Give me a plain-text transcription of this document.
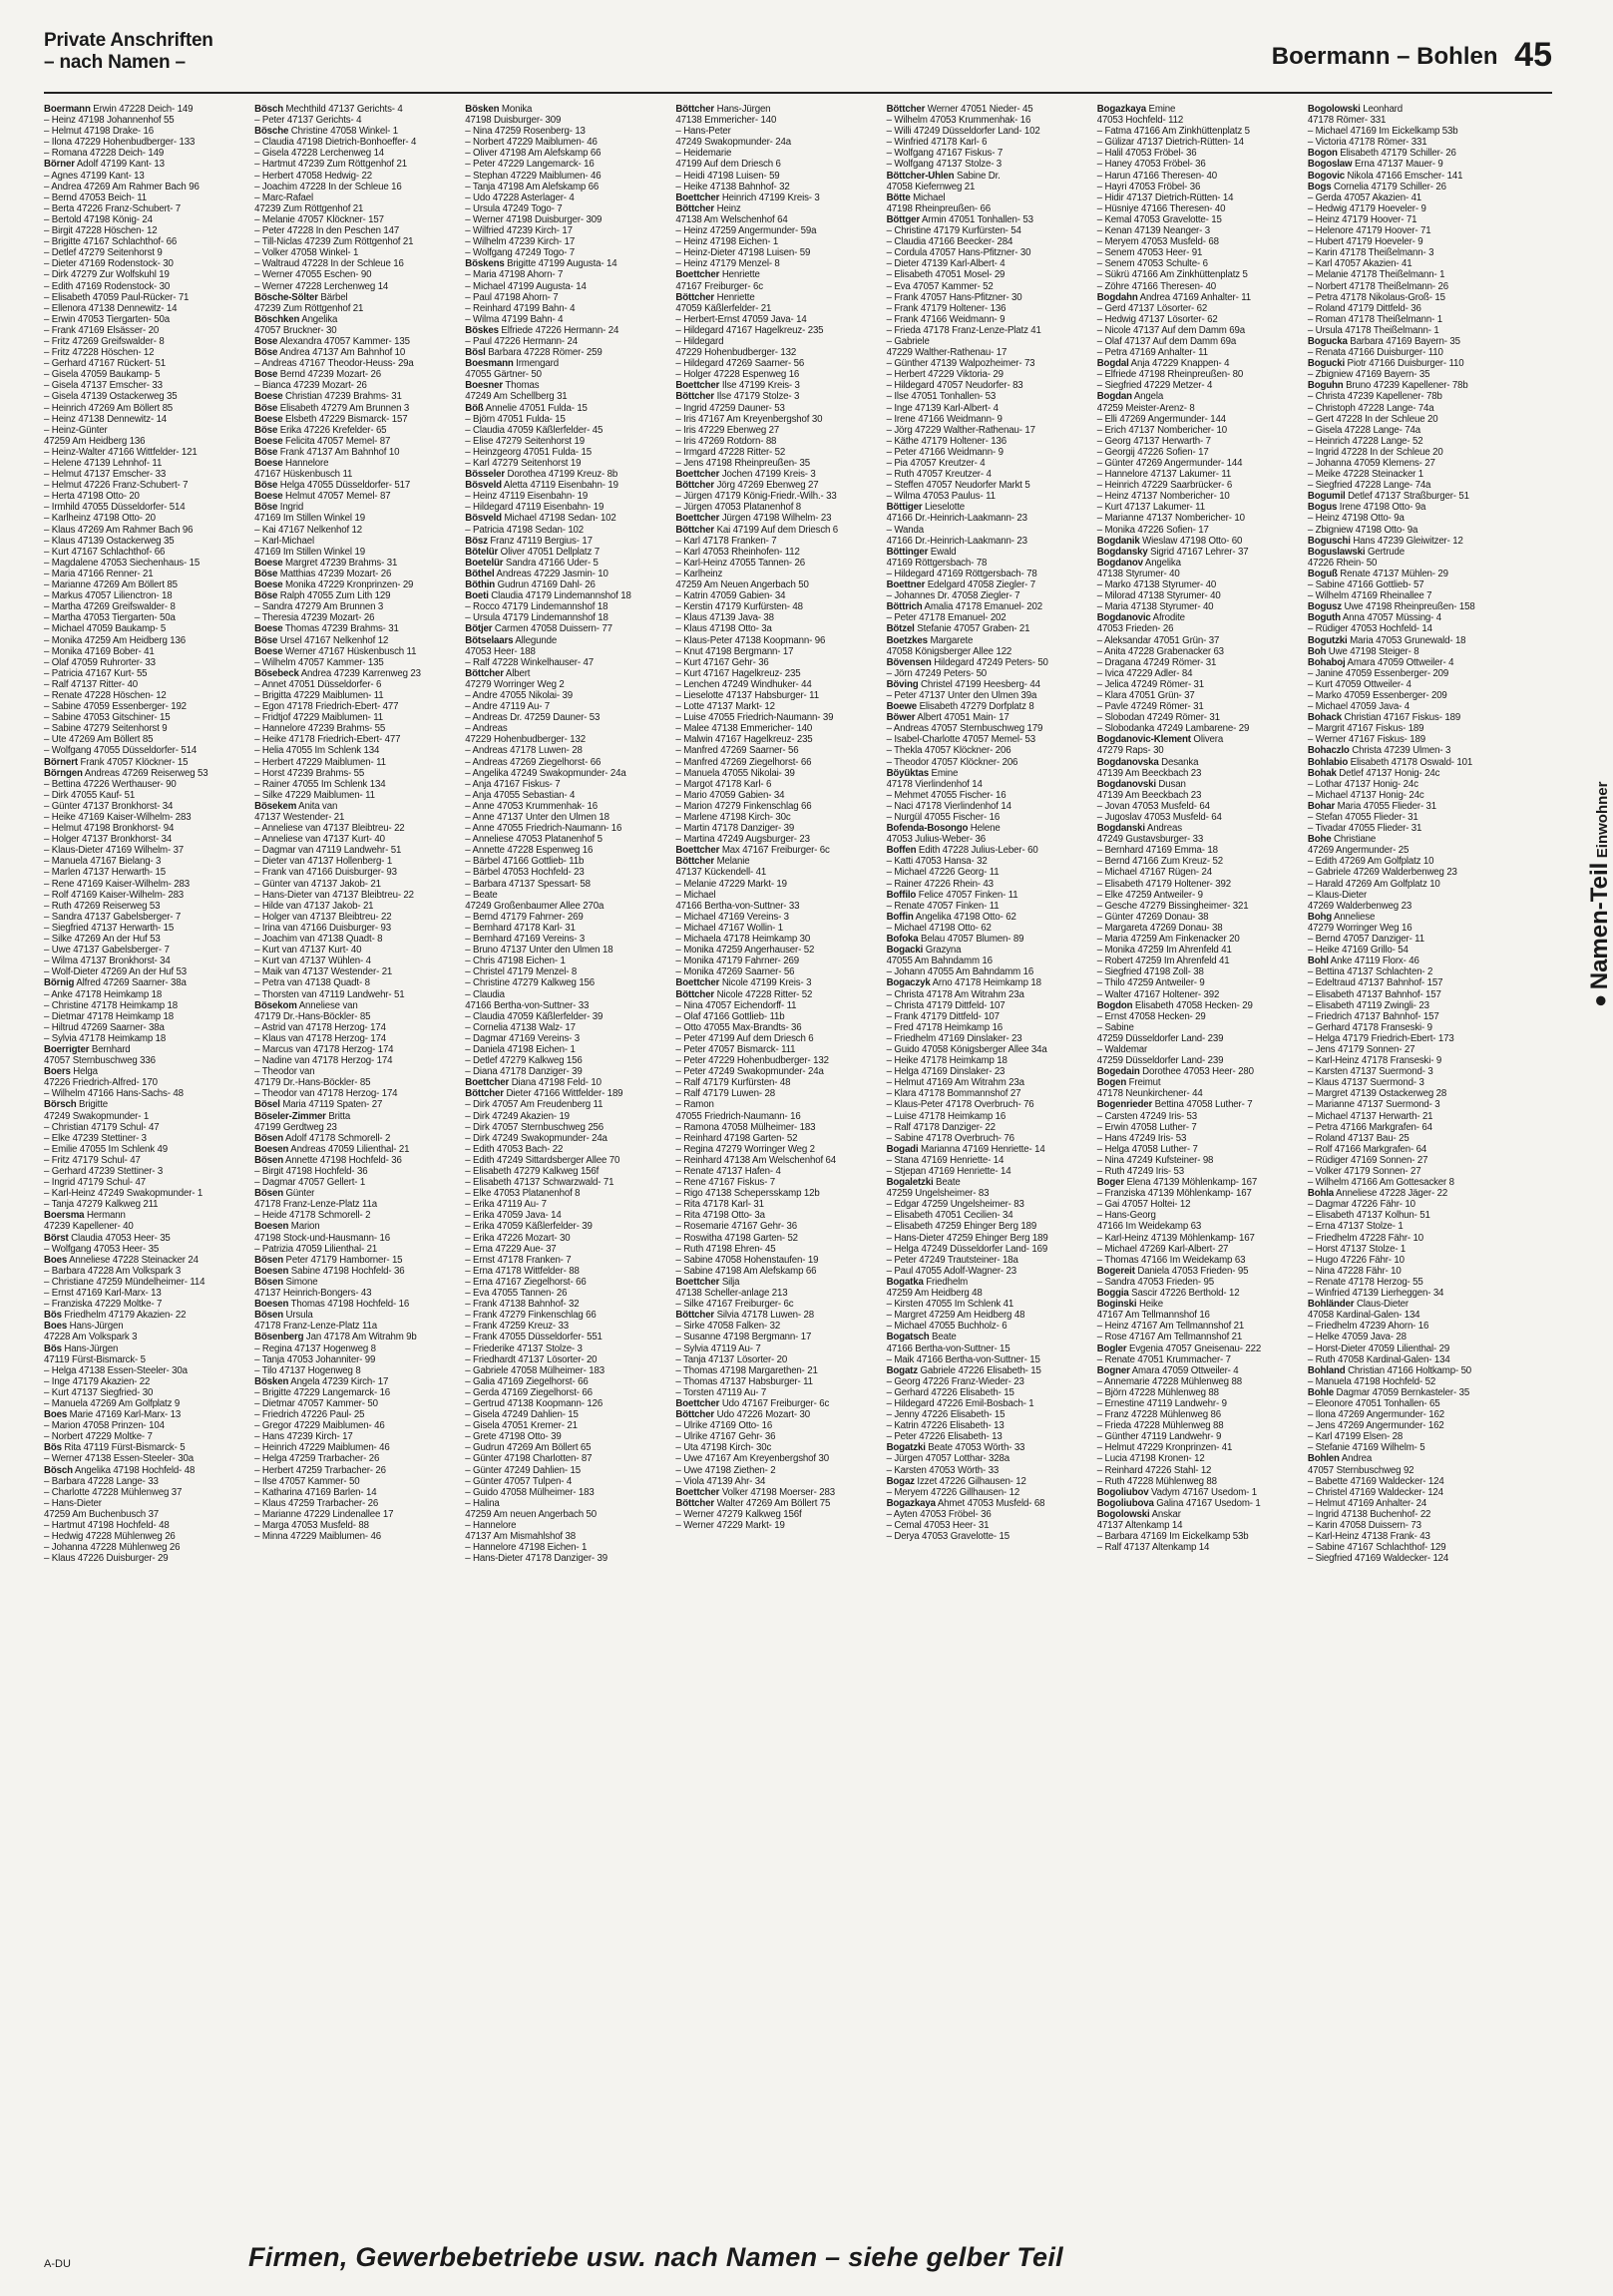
Private Anschriften
– nach Namen –	Boermann – Bohlen 45
Boermann Erwin 47228 Deich- 149
– Heinz 47198 Johannenhof 55
– Helmut 47198 Drake- 16
– Ilona 47229 Hohenbudberger- 133
– Romana 47228 Deich- 149
Börner Adolf 47199 Kant- 13
– Agnes 47199 Kant- 13
– Andrea 47269 Am Rahmer Bach 96
– Bernd 47053 Beich- 11
– Berta 47226 Franz-Schubert- 7
– Bertold 47198 König- 24
– Birgit 47228 Höschen- 12
– Brigitte 47167 Schlachthof- 66
– Detlef 47279 Seitenhorst 9
– Dieter 47169 Rodenstock- 30
– Dirk 47279 Zur Wolfskuhl 19
– Edith 47169 Rodenstock- 30
– Elisabeth 47059 Paul-Rücker- 71
– Ellenora 47138 Dennewitz- 14
– Erwin 47053 Tiergarten- 50a
– Frank 47169 Elsässer- 20
– Fritz 47269 Greifswalder- 8
– Fritz 47228 Höschen- 12
– Gerhard 47167 Rückert- 51
– Gisela 47059 Baukamp- 5
– Gisela 47137 Emscher- 33
– Gisela 47139 Ostackerweg 35
– Heinrich 47269 Am Böllert 85
– Heinz 47138 Dennewitz- 14
– Heinz-Günter
47259 Am Heidberg 136
– Heinz-Walter 47166 Wittfelder- 121
– Helene 47139 Lehnhof- 11
– Helmut 47137 Emscher- 33
– Helmut 47226 Franz-Schubert- 7
– Herta 47198 Otto- 20
– Irmhild 47055 Düsseldorfer- 514
– Karlheinz 47198 Otto- 20
– Klaus 47269 Am Rahmer Bach 96
– Klaus 47139 Ostackerweg 35
– Kurt 47167 Schlachthof- 66
– Magdalene 47053 Siechenhaus- 15
– Maria 47166 Renner- 21
– Marianne 47269 Am Böllert 85
– Markus 47057 Lilienctron- 18
– Martha 47269 Greifswalder- 8
– Martha 47053 Tiergarten- 50a
– Michael 47059 Baukamp- 5
– Monika 47259 Am Heidberg 136
– Monika 47169 Bober- 41
– Olaf 47059 Ruhrorter- 33
– Patricia 47167 Kurt- 55
– Ralf 47137 Ritter- 40
– Renate 47228 Höschen- 12
– Sabine 47059 Essenberger- 192
– Sabine 47053 Gitschiner- 15
– Sabine 47279 Seitenhorst 9
– Ute 47269 Am Böllert 85
– Wolfgang 47055 Düsseldorfer- 514
Börnert Frank 47057 Klöckner- 15
Börngen Andreas 47269 Reiserweg 53
– Bettina 47226 Werthauser- 90
– Dirk 47055 Kauf- 51
– Günter 47137 Bronkhorst- 34
– Heike 47169 Kaiser-Wilhelm- 283
– Helmut 47198 Bronkhorst- 94
– Holger 47137 Bronkhorst- 34
– Klaus-Dieter 47169 Wilhelm- 37
– Manuela 47167 Bielang- 3
– Marlen 47137 Herwarth- 15
– Rene 47169 Kaiser-Wilhelm- 283
– Rolf 47169 Kaiser-Wilhelm- 283
– Ruth 47269 Reiserweg 53
– Sandra 47137 Gabelsberger- 7
– Siegfried 47137 Herwarth- 15
– Silke 47269 An der Huf 53
– Uwe 47137 Gabelsberger- 7
– Wilma 47137 Bronkhorst- 34
– Wolf-Dieter 47269 An der Huf 53
Börnig Alfred 47269 Saarner- 38a
– Anke 47178 Heimkamp 18
– Christine 47178 Heimkamp 18
– Dietmar 47178 Heimkamp 18
– Hiltrud 47269 Saarner- 38a
– Sylvia 47178 Heimkamp 18
Boerrigter Bernhard
47057 Sternbuschweg 336
Boers Helga
47226 Friedrich-Alfred- 170
– Wilhelm 47166 Hans-Sachs- 48
Börsch Brigitte
47249 Swakopmunder- 1
– Christian 47179 Schul- 47
– Elke 47239 Stettiner- 3
– Emilie 47055 Im Schlenk 49
– Fritz 47179 Schul- 47
– Gerhard 47239 Stettiner- 3
– Ingrid 47179 Schul- 47
– Karl-Heinz 47249 Swakopmunder- 1
– Tanja 47279 Kalkweg 211
Boersma Hermann
47239 Kapellener- 40
Börst Claudia 47053 Heer- 35
– Wolfgang 47053 Heer- 35
Boes Anneliese 47228 Steinacker 24
– Barbara 47228 Am Volkspark 3
– Christiane 47259 Mündelheimer- 114
– Ernst 47169 Karl-Marx- 13
– Franziska 47229 Moltke- 7
Bös Friedhelm 47179 Akazien- 22
Boes Hans-Jürgen
47228 Am Volkspark 3
Bös Hans-Jürgen
47119 Fürst-Bismarck- 5
– Helga 47138 Essen-Steeler- 30a
– Inge 47179 Akazien- 22
– Kurt 47137 Siegfried- 30
– Manuela 47269 Am Golfplatz 9
Boes Marie 47169 Karl-Marx- 13
– Marion 47058 Prinzen- 104
– Norbert 47229 Moltke- 7
Bös Rita 47119 Fürst-Bismarck- 5
– Werner 47138 Essen-Steeler- 30a
Bösch Angelika 47198 Hochfeld- 48
– Barbara 47228 Lange- 33
– Charlotte 47228 Mühlenweg 37
– Hans-Dieter
47259 Am Buchenbusch 37
– Hartmut 47198 Hochfeld- 48
– Hedwig 47228 Mühlenweg 26
– Johanna 47228 Mühlenweg 26
– Klaus 47226 Duisburger- 29
Bösch Mechthild 47137 Gerichts- 4
– Peter 47137 Gerichts- 4
Bösche Christine 47058 Winkel- 1
– Claudia 47198 Dietrich-Bonhoeffer- 4
– Gisela 47228 Lerchenweg 14
– Hartmut 47239 Zum Röttgenhof 21
– Herbert 47058 Hedwig- 22
– Joachim 47228 In der Schleue 16
– Marc-Rafael
47239 Zum Röttgenhof 21
– Melanie 47057 Klöckner- 157
– Peter 47228 In den Peschen 147
– Till-Niclas 47239 Zum Röttgenhof 21
– Volker 47058 Winkel- 1
– Waltraud 47228 In der Schleue 16
– Werner 47055 Eschen- 90
– Werner 47228 Lerchenweg 14
Bösche-Sölter Bärbel
47239 Zum Röttgenhof 21
Böschken Angelika
47057 Bruckner- 30
Bose Alexandra 47057 Kammer- 135
Böse Andrea 47137 Am Bahnhof 10
– Andreas 47167 Theodor-Heuss- 29a
Bose Bernd 47239 Mozart- 26
– Bianca 47239 Mozart- 26
Boese Christian 47239 Brahms- 31
Böse Elisabeth 47279 Am Brunnen 3
Boese Elsbeth 47229 Bismarck- 157
Böse Erika 47226 Krefelder- 65
Boese Felicita 47057 Memel- 87
Böse Frank 47137 Am Bahnhof 10
Boese Hannelore
47167 Hüskenbusch 11
Böse Helga 47055 Düsseldorfer- 517
Boese Helmut 47057 Memel- 87
Böse Ingrid
47169 Im Stillen Winkel 19
– Kai 47167 Nelkenhof 12
– Karl-Michael
47169 Im Stillen Winkel 19
Boese Margret 47239 Brahms- 31
Böse Matthias 47239 Mozart- 26
Boese Monika 47229 Kronprinzen- 29
Böse Ralph 47055 Zum Lith 129
– Sandra 47279 Am Brunnen 3
– Theresia 47239 Mozart- 26
Boese Thomas 47239 Brahms- 31
Böse Ursel 47167 Nelkenhof 12
Boese Werner 47167 Hüskenbusch 11
– Wilhelm 47057 Kammer- 135
Bösebeck Andrea 47239 Karrenweg 23
– Annet 47051 Düsseldorfer- 6
– Brigitta 47229 Maiblumen- 11
– Egon 47178 Friedrich-Ebert- 477
– Fridtjof 47229 Maiblumen- 11
– Hannelore 47239 Brahms- 55
– Heike 47178 Friedrich-Ebert- 477
– Helia 47055 Im Schlenk 134
– Herbert 47229 Maiblumen- 11
– Horst 47239 Brahms- 55
– Rainer 47055 Im Schlenk 134
– Silke 47229 Maiblumen- 11
Bösekem Anita van
47137 Westender- 21
– Anneliese van 47137 Bleibtreu- 22
– Anneliese van 47137 Kurt- 40
– Dagmar van 47119 Landwehr- 51
– Dieter van 47137 Hollenberg- 1
– Frank van 47166 Duisburger- 93
– Günter van 47137 Jakob- 21
– Hans-Dieter van 47137 Bleibtreu- 22
– Hilde van 47137 Jakob- 21
– Holger van 47137 Bleibtreu- 22
– Irina van 47166 Duisburger- 93
– Joachim van 47138 Quadt- 8
– Kurt van 47137 Kurt- 40
– Kurt van 47137 Wühlen- 4
– Maik van 47137 Westender- 21
– Petra van 47138 Quadt- 8
– Thorsten van 47119 Landwehr- 51
Bösekom Anneliese van
47179 Dr.-Hans-Böckler- 85
– Astrid van 47178 Herzog- 174
– Klaus van 47178 Herzog- 174
– Marcus van 47178 Herzog- 174
– Nadine van 47178 Herzog- 174
– Theodor van
47179 Dr.-Hans-Böckler- 85
– Theodor van 47178 Herzog- 174
Bösel Maria 47119 Spaten- 27
Böseler-Zimmer Britta
47199 Gerdtweg 23
Bösen Adolf 47178 Schmorell- 2
Boesen Andreas 47059 Lilienthal- 21
Bösen Annette 47198 Hochfeld- 36
– Birgit 47198 Hochfeld- 36
– Dagmar 47057 Gellert- 1
Bösen Günter
47178 Franz-Lenze-Platz 11a
– Heide 47178 Schmorell- 2
Boesen Marion
47198 Stock-und-Hausmann- 16
– Patrizia 47059 Lilienthal- 21
Bösen Peter 47179 Hamborner- 15
Boesen Sabine 47198 Hochfeld- 36
Bösen Simone
47137 Heinrich-Bongers- 43
Boesen Thomas 47198 Hochfeld- 16
Bösen Ursula
47178 Franz-Lenze-Platz 11a
Bösenberg Jan 47178 Am Witrahm 9b
– Regina 47137 Hogenweg 8
– Tanja 47053 Johanniter- 99
– Tilo 47137 Hogenweg 8
Bösken Angela 47239 Kirch- 17
– Brigitte 47229 Langemarck- 16
– Dietmar 47057 Kammer- 50
– Friedrich 47226 Paul- 25
– Gregor 47229 Maiblumen- 46
– Hans 47239 Kirch- 17
– Heinrich 47229 Maiblumen- 46
– Helga 47259 Trarbacher- 26
– Herbert 47259 Trarbacher- 26
– Ilse 47057 Kammer- 50
– Katharina 47169 Barlen- 14
– Klaus 47259 Trarbacher- 26
– Marianne 47229 Lindenallee 17
– Marga 47053 Musfeld- 88
– Minna 47229 Maiblumen- 46
Bösken Monika
47198 Duisburger- 309
– Nina 47259 Rosenberg- 13
– Norbert 47229 Maiblumen- 46
– Oliver 47198 Am Alefskamp 66
– Peter 47229 Langemarck- 16
– Stephan 47229 Maiblumen- 46
– Tanja 47198 Am Alefskamp 66
– Udo 47228 Asterlager- 4
– Ursula 47249 Togo- 7
– Werner 47198 Duisburger- 309
– Wilfried 47239 Kirch- 17
– Wilhelm 47239 Kirch- 17
– Wolfgang 47249 Togo- 7
Böskens Brigitte 47199 Augusta- 14
– Maria 47198 Ahorn- 7
– Michael 47199 Augusta- 14
– Paul 47198 Ahorn- 7
– Reinhard 47199 Bahn- 4
– Wilma 47199 Bahn- 4
Böskes Elfriede 47226 Hermann- 24
– Paul 47226 Hermann- 24
Bösl Barbara 47228 Römer- 259
Boesmann Irmengard
47055 Gärtner- 50
Boesner Thomas
47249 Am Schellberg 31
Böß Annelie 47051 Fulda- 15
– Björn 47051 Fulda- 15
– Claudia 47059 Käßlerfelder- 45
– Elise 47279 Seitenhorst 19
– Heinzgeorg 47051 Fulda- 15
– Karl 47279 Seitenhorst 19
Bösseler Dorothea 47199 Kreuz- 8b
Bösveld Aletta 47119 Eisenbahn- 19
– Heinz 47119 Eisenbahn- 19
– Hildegard 47119 Eisenbahn- 19
Bösveld Michael 47198 Sedan- 102
– Patricia 47198 Sedan- 102
Bösz Franz 47119 Bergius- 17
Bötelür Oliver 47051 Dellplatz 7
Boetelür Sandra 47166 Uder- 5
Böthel Andreas 47229 Jasmin- 10
Böthin Gudrun 47169 Dahl- 26
Boeti Claudia 47179 Lindemannshof 18
– Rocco 47179 Lindemannshof 18
– Ursula 47179 Lindemannshof 18
Bötjer Carmen 47058 Duissern- 77
Bötselaars Allegunde
47053 Heer- 188
– Ralf 47228 Winkelhauser- 47
Böttcher Albert
47279 Worringer Weg 2
– Andre 47055 Nikolai- 39
– Andre 47119 Au- 7
– Andreas Dr. 47259 Dauner- 53
– Andreas
47229 Hohenbudberger- 132
– Andreas 47178 Luwen- 28
– Andreas 47269 Ziegelhorst- 66
– Angelika 47249 Swakopmunder- 24a
– Anja 47167 Fiskus- 7
– Anja 47055 Sebastian- 4
– Anne 47053 Krummenhak- 16
– Anne 47137 Unter den Ulmen 18
– Anne 47055 Friedrich-Naumann- 16
– Anneliese 47053 Platanenhof 5
– Annette 47228 Espenweg 16
– Bärbel 47166 Gottlieb- 11b
– Bärbel 47053 Hochfeld- 23
– Barbara 47137 Spessart- 58
– Beate
47249 Großenbaumer Allee 270a
– Bernd 47179 Fahrner- 269
– Bernhard 47178 Karl- 31
– Bernhard 47169 Vereins- 3
– Bruno 47137 Unter den Ulmen 18
– Chris 47198 Eichen- 1
– Christel 47179 Menzel- 8
– Christine 47279 Kalkweg 156
– Claudia
47166 Bertha-von-Suttner- 33
– Claudia 47059 Käßlerfelder- 39
– Cornelia 47138 Walz- 17
– Dagmar 47169 Vereins- 3
– Daniela 47198 Eichen- 1
– Detlef 47279 Kalkweg 156
– Diana 47178 Danziger- 39
Boettcher Diana 47198 Feld- 10
Böttcher Dieter 47166 Wittfelder- 189
– Dirk 47057 Am Freudenberg 11
– Dirk 47249 Akazien- 19
– Dirk 47057 Sternbuschweg 256
– Dirk 47249 Swakopmunder- 24a
– Edith 47053 Bach- 22
– Edith 47249 Sittardsberger Allee 70
– Elisabeth 47279 Kalkweg 156f
– Elisabeth 47137 Schwarzwald- 71
– Elke 47053 Platanenhof 8
– Erika 47119 Au- 7
– Erika 47059 Java- 14
– Erika 47059 Käßlerfelder- 39
– Erika 47226 Mozart- 30
– Erna 47229 Aue- 37
– Ernst 47178 Franken- 7
– Erna 47178 Wittfelder- 88
– Erna 47167 Ziegelhorst- 66
– Eva 47055 Tannen- 26
– Frank 47138 Bahnhof- 32
– Frank 47279 Finkenschlag 66
– Frank 47259 Kreuz- 33
– Frank 47055 Düsseldorfer- 551
– Friederike 47137 Stolze- 3
– Friedhardt 47137 Lösorter- 20
– Gabriele 47058 Mülheimer- 183
– Galia 47169 Ziegelhorst- 66
– Gerda 47169 Ziegelhorst- 66
– Gertrud 47138 Koopmann- 126
– Gisela 47249 Dahlien- 15
– Gisela 47051 Kremer- 21
– Grete 47198 Otto- 39
– Gudrun 47269 Am Böllert 65
– Günter 47198 Charlotten- 87
– Günter 47249 Dahlien- 15
– Günter 47057 Tulpen- 4
– Guido 47058 Mülheimer- 183
– Halina
47259 Am neuen Angerbach 50
– Hannelore
47137 Am Mismahlshof 38
– Hannelore 47198 Eichen- 1
– Hans-Dieter 47178 Danziger- 39
Böttcher Hans-Jürgen
47138 Emmericher- 140
– Hans-Peter
47249 Swakopmunder- 24a
– Heidemarie
47199 Auf dem Driesch 6
– Heidi 47198 Luisen- 59
– Heike 47138 Bahnhof- 32
Boettcher Heinrich 47199 Kreis- 3
Böttcher Heinz
47138 Am Welschenhof 64
– Heinz 47259 Angermunder- 59a
– Heinz 47198 Eichen- 1
– Heinz-Dieter 47198 Luisen- 59
– Heinz 47179 Menzel- 8
Boettcher Henriette
47167 Freiburger- 6c
Böttcher Henriette
47059 Käßlerfelder- 21
– Herbert-Ernst 47059 Java- 14
– Hildegard 47167 Hagelkreuz- 235
– Hildegard
47229 Hohenbudberger- 132
– Hildegard 47269 Saarner- 56
– Holger 47228 Espenweg 16
Boettcher Ilse 47199 Kreis- 3
Böttcher Ilse 47179 Stolze- 3
– Ingrid 47259 Dauner- 53
– Iris 47167 Am Kreyenbergshof 30
– Iris 47229 Ebenweg 27
– Iris 47269 Rotdorn- 88
– Irmgard 47228 Ritter- 52
– Jens 47198 Rheinpreußen- 35
Boettcher Jochen 47199 Kreis- 3
Böttcher Jörg 47269 Ebenweg 27
– Jürgen 47179 König-Friedr.-Wilh.- 33
– Jürgen 47053 Platanenhof 8
Boettcher Jürgen 47198 Wilhelm- 23
Böttcher Kai 47199 Auf dem Driesch 6
– Karl 47178 Franken- 7
– Karl 47053 Rheinhofen- 112
– Karl-Heinz 47055 Tannen- 26
– Karlheinz
47259 Am Neuen Angerbach 50
– Katrin 47059 Gabien- 34
– Kerstin 47179 Kurfürsten- 48
– Klaus 47139 Java- 38
– Klaus 47198 Otto- 3a
– Klaus-Peter 47138 Koopmann- 96
– Knut 47198 Bergmann- 17
– Kurt 47167 Gehr- 36
– Kurt 47167 Hagelkreuz- 235
– Lenchen 47249 Windhuker- 44
– Lieselotte 47137 Habsburger- 11
– Lotte 47137 Markt- 12
– Luise 47055 Friedrich-Naumann- 39
– Malee 47138 Emmericher- 140
– Malwin 47167 Hagelkreuz- 235
– Manfred 47269 Saarner- 56
– Manfred 47269 Ziegelhorst- 66
– Manuela 47055 Nikolai- 39
– Margot 47178 Karl- 6
– Mario 47059 Gabien- 34
– Marion 47279 Finkenschlag 66
– Marlene 47198 Kirch- 30c
– Martin 47178 Danziger- 39
– Martina 47249 Augsburger- 23
Boettcher Max 47167 Freiburger- 6c
Böttcher Melanie
47137 Kückendell- 41
– Melanie 47229 Markt- 19
– Michael
47166 Bertha-von-Suttner- 33
– Michael 47169 Vereins- 3
– Michael 47167 Wollin- 1
– Michaela 47178 Heimkamp 30
– Monika 47259 Angerhauser- 52
– Monika 47179 Fahrner- 269
– Monika 47269 Saarner- 56
Boettcher Nicole 47199 Kreis- 3
Böttcher Nicole 47228 Ritter- 52
– Nina 47057 Eichendorff- 11
– Olaf 47166 Gottlieb- 11b
– Otto 47055 Max-Brandts- 36
– Peter 47199 Auf dem Driesch 6
– Peter 47057 Bismarck- 111
– Peter 47229 Hohenbudberger- 132
– Peter 47249 Swakopmunder- 24a
– Ralf 47179 Kurfürsten- 48
– Ralf 47179 Luwen- 28
– Ramon
47055 Friedrich-Naumann- 16
– Ramona 47058 Mülheimer- 183
– Reinhard 47198 Garten- 52
– Regina 47279 Worringer Weg 2
– Reinhard 47138 Am Welschenhof 64
– Renate 47137 Hafen- 4
– Rene 47167 Fiskus- 7
– Rigo 47138 Schepersskamp 12b
– Rita 47178 Karl- 31
– Rita 47198 Otto- 3a
– Rosemarie 47167 Gehr- 36
– Roswitha 47198 Garten- 52
– Ruth 47198 Ehren- 45
– Sabine 47058 Hohenstaufen- 19
– Sabine 47198 Am Alefskamp 66
Boettcher Silja
47138 Scheller-anlage 213
– Silke 47167 Freiburger- 6c
Böttcher Silvia 47178 Luwen- 28
– Sirke 47058 Falken- 32
– Susanne 47198 Bergmann- 17
– Sylvia 47119 Au- 7
– Tanja 47137 Lösorter- 20
– Thomas 47198 Margarethen- 21
– Thomas 47137 Habsburger- 11
– Torsten 47119 Au- 7
Boettcher Udo 47167 Freiburger- 6c
Böttcher Udo 47226 Mozart- 30
– Ulrike 47169 Otto- 16
– Ulrike 47167 Gehr- 36
– Uta 47198 Kirch- 30c
– Uwe 47167 Am Kreyenbergshof 30
– Uwe 47198 Ziethen- 2
– Viola 47139 Ahr- 34
Boettcher Volker 47198 Moerser- 283
Böttcher Walter 47269 Am Böllert 75
– Werner 47279 Kalkweg 156f
– Werner 47229 Markt- 19
Böttcher Werner 47051 Nieder- 45
– Wilhelm 47053 Krummenhak- 16
– Willi 47249 Düsseldorfer Land- 102
– Winfried 47178 Karl- 6
– Wolfgang 47167 Fiskus- 7
– Wolfgang 47137 Stolze- 3
Böttcher-Uhlen Sabine Dr.
47058 Kiefernweg 21
Bötte Michael
47198 Rheinpreußen- 66
Böttger Armin 47051 Tonhallen- 53
– Christine 47179 Kurfürsten- 54
– Claudia 47166 Beecker- 284
– Cordula 47057 Hans-Pfitzner- 30
– Dieter 47139 Karl-Albert- 4
– Elisabeth 47051 Mosel- 29
– Eva 47057 Kammer- 52
– Frank 47057 Hans-Pfitzner- 30
– Frank 47179 Holtener- 136
– Frank 47166 Weidmann- 9
– Frieda 47178 Franz-Lenze-Platz 41
– Gabriele
47229 Walther-Rathenau- 17
– Günther 47139 Walpozheimer- 73
– Herbert 47229 Viktoria- 29
– Hildegard 47057 Neudorfer- 83
– Ilse 47051 Tonhallen- 53
– Inge 47139 Karl-Albert- 4
– Irene 47166 Weidmann- 9
– Jörg 47229 Walther-Rathenau- 17
– Käthe 47179 Holtener- 136
– Peter 47166 Weidmann- 9
– Pia 47057 Kreutzer- 4
– Ruth 47057 Kreutzer- 4
– Steffen 47057 Neudorfer Markt 5
– Wilma 47053 Paulus- 11
Böttiger Lieselotte
47166 Dr.-Heinrich-Laakmann- 23
– Wanda
47166 Dr.-Heinrich-Laakmann- 23
Böttinger Ewald
47169 Röttgersbach- 78
– Hildegard 47169 Röttgersbach- 78
Boettner Edelgard 47058 Ziegler- 7
– Johannes Dr. 47058 Ziegler- 7
Böttrich Amalia 47178 Emanuel- 202
– Peter 47178 Emanuel- 202
Bötzel Stefanie 47057 Graben- 21
Boetzkes Margarete
47058 Königsberger Allee 122
Bövensen Hildegard 47249 Peters- 50
– Jörn 47249 Peters- 50
Böving Christel 47199 Heesberg- 44
– Peter 47137 Unter den Ulmen 39a
Boewe Elisabeth 47279 Dorfplatz 8
Böwer Albert 47051 Main- 17
– Andreas 47057 Sternbuschweg 179
– Isabel-Charlotte 47057 Memel- 53
– Thekla 47057 Klöckner- 206
– Theodor 47057 Klöckner- 206
Böyüktas Emine
47178 Vierlindenhof 14
– Mehmet 47055 Fischer- 16
– Naci 47178 Vierlindenhof 14
– Nurgül 47055 Fischer- 16
Bofenda-Bosongo Helene
47053 Julius-Weber- 36
Boffen Edith 47228 Julius-Leber- 60
– Katti 47053 Hansa- 32
– Michael 47226 Georg- 11
– Rainer 47226 Rhein- 43
Boffilo Felice 47057 Finken- 11
– Renate 47057 Finken- 11
Boffin Angelika 47198 Otto- 62
– Michael 47198 Otto- 62
Bofoka Belau 47057 Blumen- 89
Bogacki Grazyna
47055 Am Bahndamm 16
– Johann 47055 Am Bahndamm 16
Bogaczyk Arno 47178 Heimkamp 18
– Christa 47178 Am Witrahm 23a
– Christa 47179 Dittfeld- 107
– Frank 47179 Dittfeld- 107
– Fred 47178 Heimkamp 16
– Friedhelm 47169 Dinslaker- 23
– Guido 47058 Königsberger Allee 34a
– Heike 47178 Heimkamp 18
– Helga 47169 Dinslaker- 23
– Helmut 47169 Am Witrahm 23a
– Klara 47178 Bommannshof 27
– Klaus-Peter 47178 Overbruch- 76
– Luise 47178 Heimkamp 16
– Ralf 47178 Danziger- 22
– Sabine 47178 Overbruch- 76
Bogadi Marianna 47169 Henriette- 14
– Stana 47169 Henriette- 14
– Stjepan 47169 Henriette- 14
Bogaletzki Beate
47259 Ungelsheimer- 83
– Edgar 47259 Ungelsheimer- 83
– Elisabeth 47051 Cecilien- 34
– Elisabeth 47259 Ehinger Berg 189
– Hans-Dieter 47259 Ehinger Berg 189
– Helga 47249 Düsseldorfer Land- 169
– Peter 47249 Trautsteiner- 18a
– Paul 47055 Adolf-Wagner- 23
Bogatka Friedhelm
47259 Am Heidberg 48
– Kirsten 47055 Im Schlenk 41
– Margret 47259 Am Heidberg 48
– Michael 47055 Buchholz- 6
Bogatsch Beate
47166 Bertha-von-Suttner- 15
– Maik 47166 Bertha-von-Suttner- 15
Bogatz Gabriele 47226 Elisabeth- 15
– Georg 47226 Franz-Wieder- 23
– Gerhard 47226 Elisabeth- 15
– Hildegard 47226 Emil-Bosbach- 1
– Jenny 47226 Elisabeth- 15
– Katrin 47226 Elisabeth- 13
– Peter 47226 Elisabeth- 13
Bogatzki Beate 47053 Wörth- 33
– Jürgen 47057 Lotthar- 328a
– Karsten 47053 Wörth- 33
Bogaz Izzet 47226 Gilhausen- 12
– Meryem 47226 Gillhausen- 12
Bogazkaya Ahmet 47053 Musfeld- 68
– Ayten 47053 Fröbel- 36
– Cemal 47053 Heer- 31
– Derya 47053 Gravelotte- 15
Bogazkaya Emine
47053 Hochfeld- 112
– Fatma 47166 Am Zinkhüttenplatz 5
– Gülizar 47137 Dietrich-Rütten- 14
– Halil 47053 Fröbel- 36
– Haney 47053 Fröbel- 36
– Harun 47166 Theresen- 40
– Hayri 47053 Fröbel- 36
– Hidir 47137 Dietrich-Rütten- 14
– Hüsniye 47166 Theresen- 40
– Kemal 47053 Gravelotte- 15
– Kenan 47139 Neanger- 3
– Meryem 47053 Musfeld- 68
– Senem 47053 Heer- 91
– Senem 47053 Schulte- 6
– Sükrü 47166 Am Zinkhüttenplatz 5
– Zöhre 47166 Theresen- 40
Bogdahn Andrea 47169 Anhalter- 11
– Gerd 47137 Lösorter- 62
– Hedwig 47137 Lösorter- 62
– Nicole 47137 Auf dem Damm 69a
– Olaf 47137 Auf dem Damm 69a
– Petra 47169 Anhalter- 11
Bogdal Anja 47229 Knappen- 4
– Elfriede 47198 Rheinpreußen- 80
– Siegfried 47229 Metzer- 4
Bogdan Angela
47259 Meister-Arenz- 8
– Elli 47269 Angermunder- 144
– Erich 47137 Nombericher- 10
– Georg 47137 Herwarth- 7
– Georgij 47226 Sofien- 17
– Günter 47269 Angermunder- 144
– Hannelore 47137 Lakumer- 11
– Heinrich 47229 Saarbrücker- 6
– Heinz 47137 Nombericher- 10
– Kurt 47137 Lakumer- 11
– Marianne 47137 Nombericher- 10
– Monika 47226 Sofien- 17
Bogdanik Wieslaw 47198 Otto- 60
Bogdansky Sigrid 47167 Lehrer- 37
Bogdanov Angelika
47138 Styrumer- 40
– Marko 47138 Styrumer- 40
– Milorad 47138 Styrumer- 40
– Maria 47138 Styrumer- 40
Bogdanovic Afrodite
47053 Frieden- 26
– Aleksandar 47051 Grün- 37
– Anita 47228 Grabenacker 63
– Dragana 47249 Römer- 31
– Ivica 47229 Adler- 84
– Jelica 47249 Römer- 31
– Klara 47051 Grün- 37
– Pavle 47249 Römer- 31
– Slobodan 47249 Römer- 31
– Slobodanka 47249 Lambarene- 29
Bogdanovic-Klement Olivera
47279 Raps- 30
Bogdanovska Desanka
47139 Am Beeckbach 23
Bogdanovski Dusan
47139 Am Beeckbach 23
– Jovan 47053 Musfeld- 64
– Jugoslav 47053 Musfeld- 64
Bogdanski Andreas
47249 Gustavsburger- 33
– Bernhard 47169 Emma- 18
– Bernd 47166 Zum Kreuz- 52
– Michael 47167 Rügen- 24
– Elisabeth 47179 Holtener- 392
– Elke 47259 Antweiler- 9
– Gesche 47279 Bissingheimer- 321
– Günter 47269 Donau- 38
– Margareta 47269 Donau- 38
– Maria 47259 Am Finkenacker 20
– Monika 47259 Im Ahrenfeld 41
– Robert 47259 Im Ahrenfeld 41
– Siegfried 47198 Zoll- 38
– Thilo 47259 Antweiler- 9
– Walter 47167 Holtener- 392
Bogdon Elisabeth 47058 Hecken- 29
– Ernst 47058 Hecken- 29
– Sabine
47259 Düsseldorfer Land- 239
– Waldemar
47259 Düsseldorfer Land- 239
Bogedain Dorothee 47053 Heer- 280
Bogen Freimut
47178 Neunkirchener- 44
Bogenrieder Bettina 47058 Luther- 7
– Carsten 47249 Iris- 53
– Erwin 47058 Luther- 7
– Hans 47249 Iris- 53
– Helga 47058 Luther- 7
– Nina 47249 Kufsteiner- 98
– Ruth 47249 Iris- 53
Boger Elena 47139 Möhlenkamp- 167
– Franziska 47139 Möhlenkamp- 167
– Gai 47057 Holtei- 12
– Hans-Georg
47166 Im Weidekamp 63
– Karl-Heinz 47139 Möhlenkamp- 167
– Michael 47269 Karl-Albert- 27
– Thomas 47166 Im Weidekamp 63
Bogereit Daniela 47053 Frieden- 95
– Sandra 47053 Frieden- 95
Boggia Sascir 47226 Berthold- 12
Boginski Heike
47167 Am Tellmannshof 16
– Heinz 47167 Am Tellmannshof 21
– Rose 47167 Am Tellmannshof 21
Bogler Evgenia 47057 Gneisenau- 222
– Renate 47051 Krummacher- 7
Bogner Amara 47059 Ottweiler- 4
– Annemarie 47228 Mühlenweg 88
– Björn 47228 Mühlenweg 88
– Ernestine 47119 Landwehr- 9
– Franz 47228 Mühlenweg 86
– Frieda 47228 Mühlenweg 88
– Günther 47119 Landwehr- 9
– Helmut 47229 Kronprinzen- 41
– Lucia 47198 Kronen- 12
– Reinhard 47226 Stahl- 12
– Ruth 47228 Mühlenweg 88
Bogoliubov Vadym 47167 Usedom- 1
Bogoliubova Galina 47167 Usedom- 1
Bogolowski Anskar
47137 Altenkamp 14
– Barbara 47169 Im Eickelkamp 53b
– Ralf 47137 Altenkamp 14
Bogolowski Leonhard
47178 Römer- 331
– Michael 47169 Im Eickelkamp 53b
– Victoria 47178 Römer- 331
Bogon Elisabeth 47179 Schiller- 26
Bogoslaw Erna 47137 Mauer- 9
Bogovic Nikola 47166 Emscher- 141
Bogs Cornelia 47179 Schiller- 26
– Gerda 47057 Akazien- 41
– Hedwig 47179 Hoeveler- 9
– Heinz 47179 Hoover- 71
– Helenore 47179 Hoover- 71
– Hubert 47179 Hoeveler- 9
– Karin 47178 Theißelmann- 3
– Karl 47057 Akazien- 41
– Melanie 47178 Theißelmann- 1
– Norbert 47178 Theißelmann- 26
– Petra 47178 Nikolaus-Groß- 15
– Roland 47179 Dittfeld- 36
– Roman 47178 Theißelmann- 1
– Ursula 47178 Theißelmann- 1
Bogucka Barbara 47169 Bayern- 35
– Renata 47166 Duisburger- 110
Bogucki Piotr 47166 Duisburger- 110
– Zbigniew 47169 Bayern- 35
Boguhn Bruno 47239 Kapellener- 78b
– Christa 47239 Kapellener- 78b
– Christoph 47228 Lange- 74a
– Gert 47228 In der Schleue 20
– Gisela 47228 Lange- 74a
– Heinrich 47228 Lange- 52
– Ingrid 47228 In der Schleue 20
– Johanna 47059 Klemens- 27
– Meike 47228 Steinacker 1
– Siegfried 47228 Lange- 74a
Bogumil Detlef 47137 Straßburger- 51
Bogus Irene 47198 Otto- 9a
– Heinz 47198 Otto- 9a
– Zbigniew 47198 Otto- 9a
Boguschi Hans 47239 Gleiwitzer- 12
Boguslawski Gertrude
47226 Rhein- 50
Boguß Renate 47137 Mühlen- 29
– Sabine 47166 Gottlieb- 57
– Wilhelm 47169 Rheinallee 7
Bogusz Uwe 47198 Rheinpreußen- 158
Boguth Anna 47057 Müssing- 4
– Rüdiger 47053 Hochfeld- 14
Bogutzki Maria 47053 Grunewald- 18
Boh Uwe 47198 Steiger- 8
Bohaboj Amara 47059 Ottweiler- 4
– Janine 47059 Essenberger- 209
– Kurt 47059 Ottweiler- 4
– Marko 47059 Essenberger- 209
– Michael 47059 Java- 4
Bohack Christian 47167 Fiskus- 189
– Margrit 47167 Fiskus- 189
– Werner 47167 Fiskus- 189
Bohaczlo Christa 47239 Ulmen- 3
Bohlabio Elisabeth 47178 Oswald- 101
Bohak Detlef 47137 Honig- 24c
– Lothar 47137 Honig- 24c
– Michael 47137 Honig- 24c
Bohar Maria 47055 Flieder- 31
– Stefan 47055 Flieder- 31
– Tivadar 47055 Flieder- 31
Bohe Christiane
47269 Angermunder- 25
– Edith 47269 Am Golfplatz 10
– Gabriele 47269 Walderbenweg 23
– Harald 47269 Am Golfplatz 10
– Klaus-Dieter
47269 Walderbenweg 23
Bohg Anneliese
47279 Worringer Weg 16
– Bernd 47057 Danziger- 11
– Heike 47169 Grillo- 54
Bohl Anke 47119 Florx- 46
– Bettina 47137 Schlachten- 2
– Edeltraud 47137 Bahnhof- 157
– Elisabeth 47137 Bahnhof- 157
– Elisabeth 47119 Zwingli- 23
– Friedrich 47137 Bahnhof- 157
– Gerhard 47178 Franseski- 9
– Helga 47179 Friedrich-Ebert- 173
– Jens 47179 Sonnen- 27
– Karl-Heinz 47178 Franseski- 9
– Karsten 47137 Suermond- 3
– Klaus 47137 Suermond- 3
– Margret 47139 Ostackerweg 28
– Marianne 47137 Suermond- 3
– Michael 47137 Herwarth- 21
– Petra 47166 Markgrafen- 64
– Roland 47137 Bau- 25
– Rolf 47166 Markgrafen- 64
– Rüdiger 47169 Sonnen- 27
– Volker 47179 Sonnen- 27
– Wilhelm 47166 Am Gottesacker 8
Bohla Anneliese 47228 Jäger- 22
– Dagmar 47226 Fähr- 10
– Elisabeth 47137 Kolhun- 51
– Erna 47137 Stolze- 1
– Friedhelm 47228 Fähr- 10
– Horst 47137 Stolze- 1
– Hugo 47226 Fähr- 10
– Nina 47228 Fähr- 10
– Renate 47178 Herzog- 55
– Winfried 47139 Lierheggen- 34
Bohländer Claus-Dieter
47058 Kardinal-Galen- 134
– Friedhelm 47239 Ahorn- 16
– Helke 47059 Java- 28
– Horst-Dieter 47059 Lilienthal- 29
– Ruth 47058 Kardinal-Galen- 134
Bohland Christian 47166 Holtkamp- 50
– Manuela 47198 Hochfeld- 52
Bohle Dagmar 47059 Bernkasteler- 35
– Eleonore 47051 Tonhallen- 65
– Ilona 47269 Angermunder- 162
– Jens 47269 Angermunder- 162
– Karl 47199 Elsen- 28
– Stefanie 47169 Wilhelm- 5
Bohlen Andrea
47057 Sternbuschweg 92
– Babette 47169 Waldecker- 124
– Christel 47169 Waldecker- 124
– Helmut 47169 Anhalter- 24
– Ingrid 47138 Buchenhof- 22
– Karin 47058 Duissern- 73
– Karl-Heinz 47138 Frank- 43
– Sabine 47167 Schlachthof- 129
– Siegfried 47169 Waldecker- 124
● Namen-Teil Einwohner
A-DU	Firmen, Gewerbebetriebe usw. nach Namen – siehe gelber Teil
